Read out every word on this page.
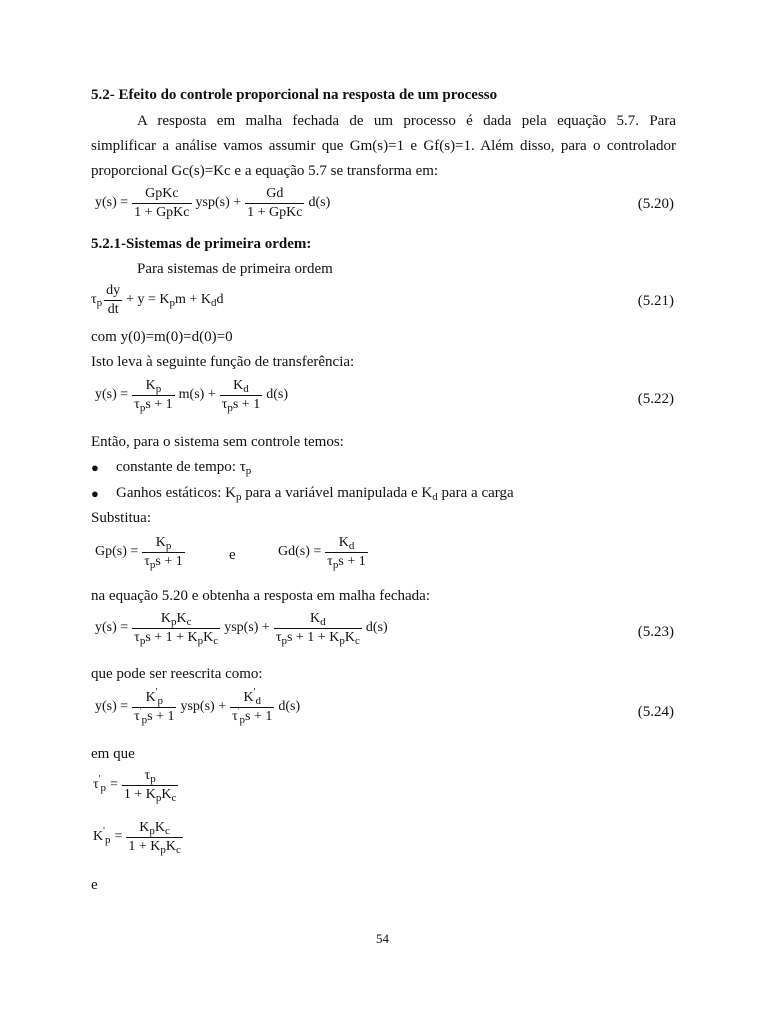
5.2- Efeito do controle proporcional na resposta de um processo
A resposta em malha fechada de um processo é dada pela equação 5.7. Para
simplificar a análise vamos assumir que Gm(s)=1 e Gf(s)=1. Além disso, para o controlador
proporcional Gc(s)=Kc e a equação 5.7 se transforma em:
$y(s) = \frac{\text{GpKc}}{\text{1 + GpKc}} ysp(s) + \frac{Gd}{\text{1 + GpKc}} d(s)$	(5.20)
5.2.1-Sistemas de primeira ordem:
Para sistemas de primeira ordem
$\tau_p \frac{dy}{dt} + y = K_pm + K_dd$	(5.21)
com y(0)=m(0)=d(0)=0
Isto leva à seguinte função de transferência:
$y(s) = \frac{K_p}{\tau_ps + 1} m(s) + \frac{K_d}{\tau_ps + 1} d(s)$	(5.22)
Então, para o sistema sem controle temos:
● constante de tempo: $\tau_p$
● Ganhos estáticos: $K_p$ para a variável manipulada e $K_d$ para a carga
Substitua:
$Gp(s) = \frac{K_p}{\tau_ps + 1}$	e	$Gd(s) = \frac{K_d}{\tau_ps + 1}$
na equação 5.20 e obtenha a resposta em malha fechada:
$y(s) = \frac{K_pK_c}{\tau_ps + 1 + K_pK_c} ysp(s) + \frac{K_d}{\tau_ps + 1 + K_pK_c} d(s)$	(5.23)
que pode ser reescrita como:
$y(s) = \frac{K'_p}{\tau'_ps + 1} ysp(s) + \frac{K'_d}{\tau'_ps + 1} d(s)$	(5.24)
em que
$\tau'_p = \frac{\tau_p}{1 + K_pK_c}$
$K'_p = \frac{K_pK_c}{1 + K_pK_c}$
e
54
